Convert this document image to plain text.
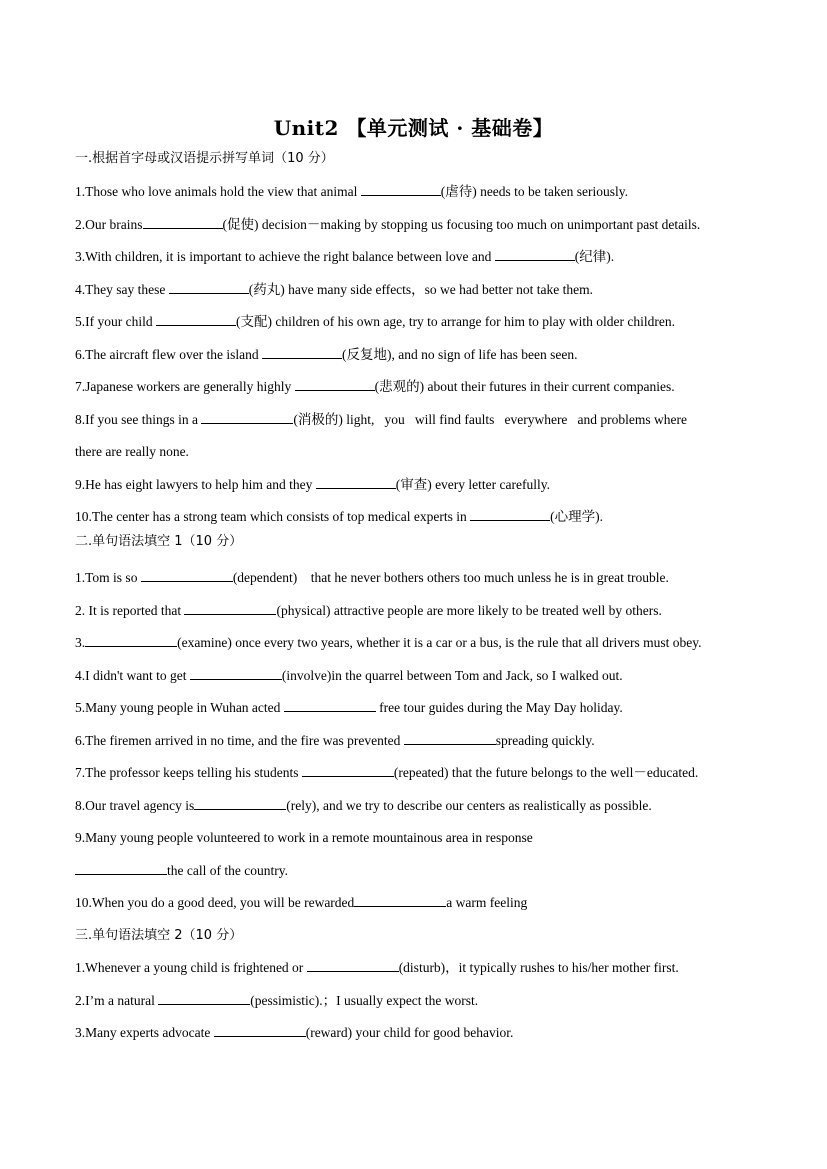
Unit2 【单元测试 · 基础卷】
一.根据首字母或汉语提示拼写单词（10 分）
1.Those who love animals hold the view that animal	(虐待) needs to be taken seriously.
2.Our brains	(促使) decision－making by stopping us focusing too much on unimportant past details.
3.With children, it is important to achieve the right balance between love and	(纪律).
4.They say these	(药丸) have many side effects，so we had better not take them.
5.If your child	(支配) children of his own age, try to arrange for him to play with older children.
6.The aircraft flew over the island	(反复地), and no sign of life has been seen.
7.Japanese workers are generally highly	(悲观的) about their futures in their current companies.
8.If you see things in a	(消极的) light,   you   will find faults   everywhere   and problems where
there are really none.
9.He has eight lawyers to help him and they	(审查) every letter carefully.
10.The center has a strong team which consists of top medical experts in	(心理学).
二.单句语法填空 1（10 分）
1.Tom is so	(dependent)    that he never bothers others too much unless he is in great trouble.
2. It is reported that	(physical) attractive people are more likely to be treated well by others.
3.	(examine) once every two years, whether it is a car or a bus, is the rule that all drivers must obey.
4.I didn't want to get	(involve)in the quarrel between Tom and Jack, so I walked out.
5.Many young people in Wuhan acted	free tour guides during the May Day holiday.
6.The firemen arrived in no time, and the fire was prevented	spreading quickly.
7.The professor keeps telling his students	(repeated) that the future belongs to the well－educated.
8.Our travel agency is	(rely), and we try to describe our centers as realistically as possible.
9.Many young people volunteered to work in a remote mountainous area in response
the call of the country.
10.When you do a good deed, you will be rewarded	a warm feeling
三.单句语法填空 2（10 分）
1.Whenever a young child is frightened or	(disturb)，it typically rushes to his/her mother first.
2.I’m a natural	(pessimistic).；I usually expect the worst.
3.Many experts advocate	(reward) your child for good behavior.
